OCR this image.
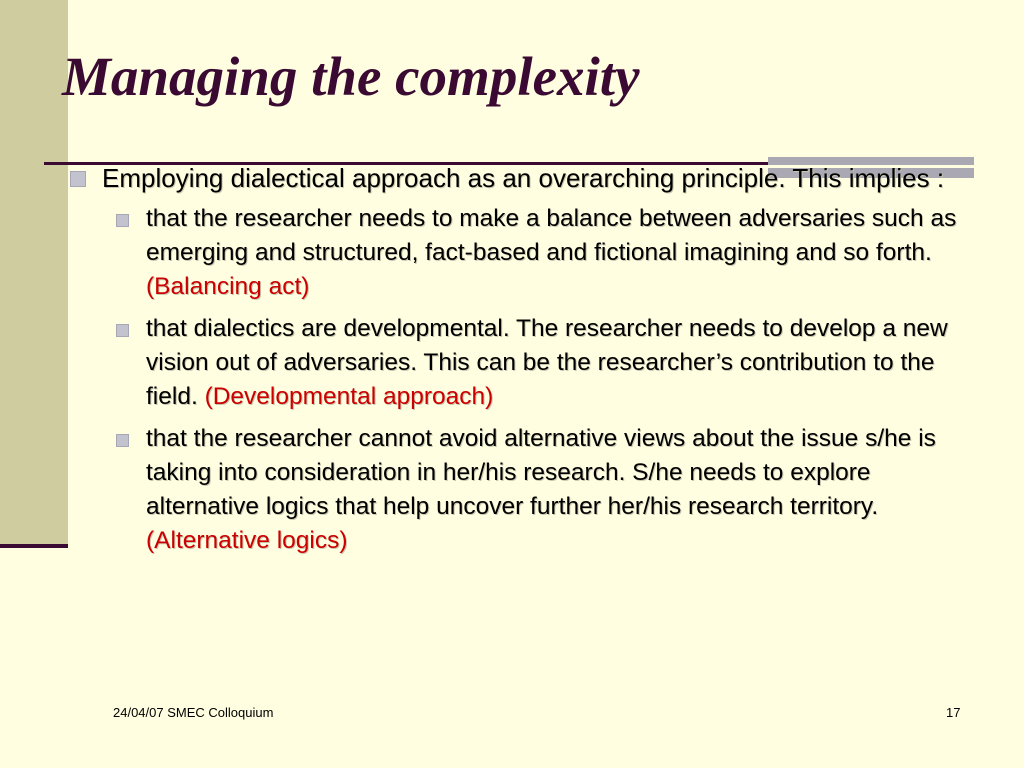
Managing the complexity
Employing dialectical approach as an overarching principle. This implies :
that the researcher needs to make a balance between adversaries such as emerging and structured, fact-based and fictional imagining and so forth. (Balancing act)
that dialectics are developmental. The researcher needs to develop a new vision out of adversaries. This can be the researcher’s contribution to the field. (Developmental approach)
that the researcher cannot avoid alternative views about the issue s/he is taking into consideration in her/his research. S/he needs to explore alternative logics that help uncover further her/his research territory. (Alternative logics)
24/04/07 SMEC Colloquium	17
